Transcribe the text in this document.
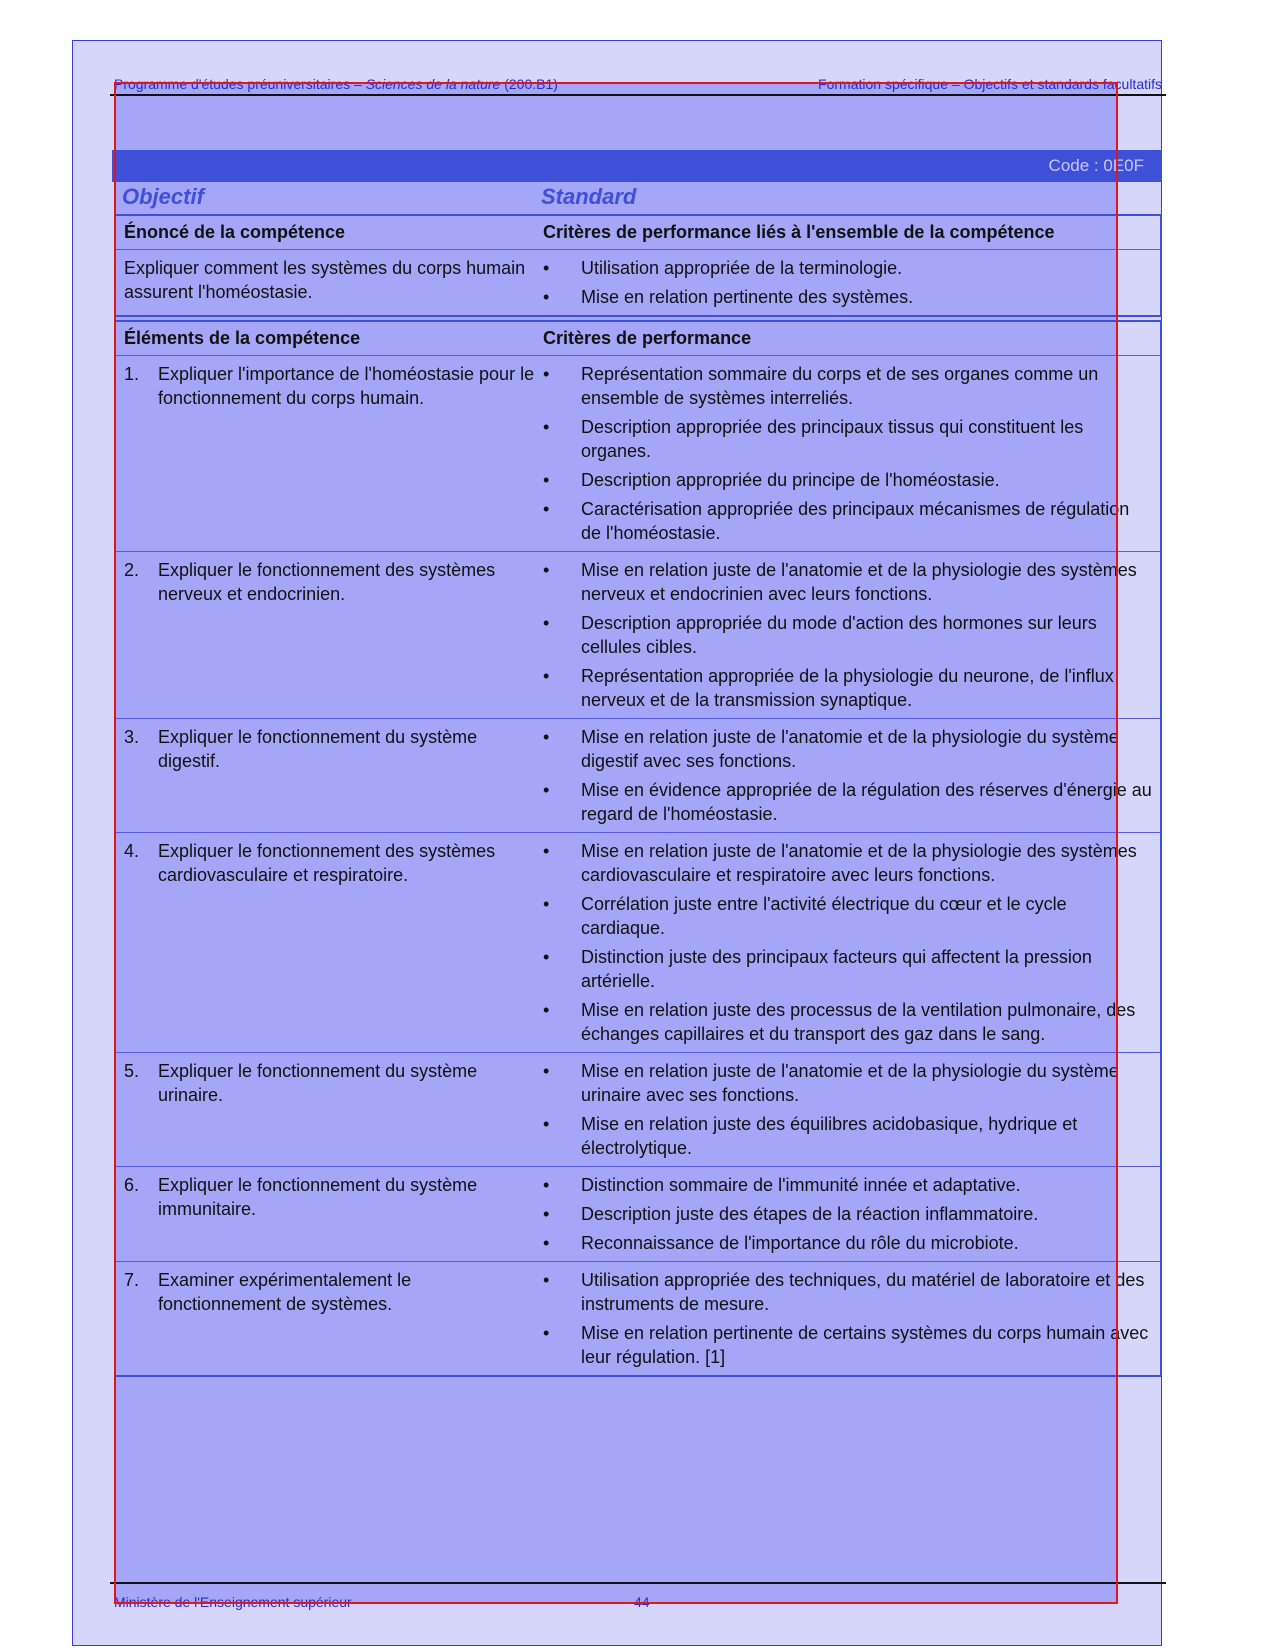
Programme d'études préuniversitaires – Sciences de la nature (200.B1)	Formation spécifique – Objectifs et standards facultatifs
Code : 0E0F
Objectif	Standard
Énoncé de la compétence	Critères de performance liés à l'ensemble de la compétence
Expliquer comment les systèmes du corps humain assurent l'homéostasie.
• Utilisation appropriée de la terminologie.
• Mise en relation pertinente des systèmes.
Éléments de la compétence	Critères de performance
1.	Expliquer l'importance de l'homéostasie pour le fonctionnement du corps humain.
• Représentation sommaire du corps et de ses organes comme un ensemble de systèmes interreliés.
• Description appropriée des principaux tissus qui constituent les organes.
• Description appropriée du principe de l'homéostasie.
• Caractérisation appropriée des principaux mécanismes de régulation de l'homéostasie.
2.	Expliquer le fonctionnement des systèmes nerveux et endocrinien.
• Mise en relation juste de l'anatomie et de la physiologie des systèmes nerveux et endocrinien avec leurs fonctions.
• Description appropriée du mode d'action des hormones sur leurs cellules cibles.
• Représentation appropriée de la physiologie du neurone, de l'influx nerveux et de la transmission synaptique.
3.	Expliquer le fonctionnement du système digestif.
• Mise en relation juste de l'anatomie et de la physiologie du système digestif avec ses fonctions.
• Mise en évidence appropriée de la régulation des réserves d'énergie au regard de l'homéostasie.
4.	Expliquer le fonctionnement des systèmes cardiovasculaire et respiratoire.
• Mise en relation juste de l'anatomie et de la physiologie des systèmes cardiovasculaire et respiratoire avec leurs fonctions.
• Corrélation juste entre l'activité électrique du cœur et le cycle cardiaque.
• Distinction juste des principaux facteurs qui affectent la pression artérielle.
• Mise en relation juste des processus de la ventilation pulmonaire, des échanges capillaires et du transport des gaz dans le sang.
5.	Expliquer le fonctionnement du système urinaire.
• Mise en relation juste de l'anatomie et de la physiologie du système urinaire avec ses fonctions.
• Mise en relation juste des équilibres acidobasique, hydrique et électrolytique.
6.	Expliquer le fonctionnement du système immunitaire.
• Distinction sommaire de l'immunité innée et adaptative.
• Description juste des étapes de la réaction inflammatoire.
• Reconnaissance de l'importance du rôle du microbiote.
7.	Examiner expérimentalement le fonctionnement de systèmes.
• Utilisation appropriée des techniques, du matériel de laboratoire et des instruments de mesure.
• Mise en relation pertinente de certains systèmes du corps humain avec leur régulation. [1]
Ministère de l'Enseignement supérieur	44
